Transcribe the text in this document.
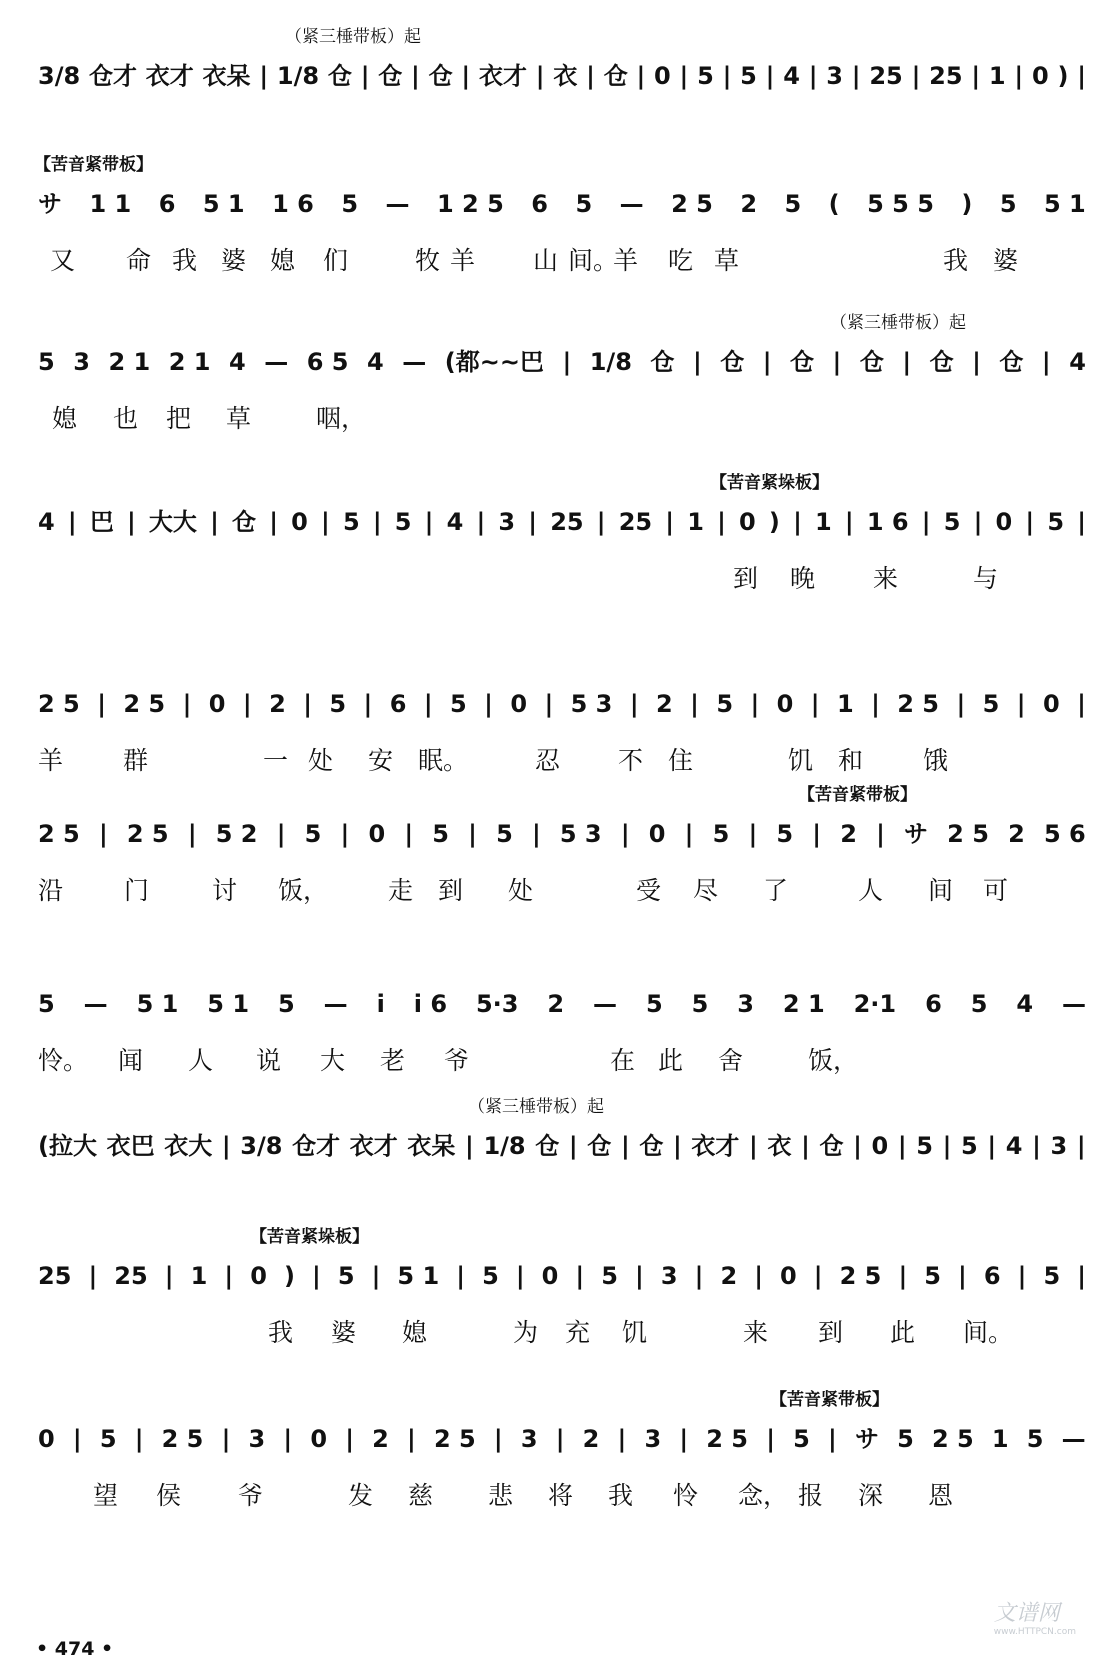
（紧三棰带板）起
3/8 仓才 衣才 衣呆 | 1/8 仓 | 仓 | 仓 | 衣才 | 衣 | 仓 | 0 | 5 | 5 | 4 | 3 | 25 | 25 | 1 | 0 ) |
【苦音紧带板】
サ 1 1 6 5 1 1 6 5 — 1 2 5 6 5 — 2 5 2 5 ( 5 5 5 ) 5 5 1
又 命 我 婆 媳 们	牧 羊 山 间。
羊 吃 草	我 婆
（紧三棰带板）起
5 3 2 1 2 1 4 — 6 5 4 — (都~~巴 | 1/8 仓 | 仓 | 仓 | 仓 | 仓 | 仓 | 4
媳 也 把 草	咽，
【苦音紧垛板】
4 | 巴 | 大大 | 仓 | 0 | 5 | 5 | 4 | 3 | 25 | 25 | 1 | 0 ) | 1 | 1 6 | 5 | 0 | 5 |
到 晚 来	与
2 5 | 2 5 | 0 | 2 | 5 | 6 | 5 | 0 | 5 3 | 2 | 5 | 0 | 1 | 2 5 | 5 | 0 |
羊 群	一 处 安 眠。	忍 不 住	饥 和 饿
【苦音紧带板】
2 5 | 2 5 | 5 2 | 5 | 0 | 5 | 5 | 5 3 | 0 | 5 | 5 | 2 | サ 2 5 2 5 6
沿 门	讨 饭， 走 到 处	受 尽 了	人 间 可
5 — 5 1 5 1 5 — i i 6 5·3 2 — 5 5 3 2 1 2·1 6 5 4 —
怜。 闻 人 说 大 老 爷	在 此 舍	饭，
（紧三棰带板）起
(拉大 衣巴 衣大 | 3/8 仓才 衣才 衣呆 | 1/8 仓 | 仓 | 仓 | 衣才 | 衣 | 仓 | 0 | 5 | 5 | 4 | 3 |
【苦音紧垛板】
25 | 25 | 1 | 0 ) | 5 | 5 1 | 5 | 0 | 5 | 3 | 2 | 0 | 2 5 | 5 | 6 | 5 |
我 婆 媳	为 充 饥	来 到 此 间。
【苦音紧带板】
0 | 5 | 2 5 | 3 | 0 | 2 | 2 5 | 3 | 2 | 3 | 2 5 | 5 | サ 5 2 5 1 5 —
望 侯 爷	发 慈 悲 将 我 怜 念， 报 深 恩
• 474 •
文谱网
www.HTTPCN.com
